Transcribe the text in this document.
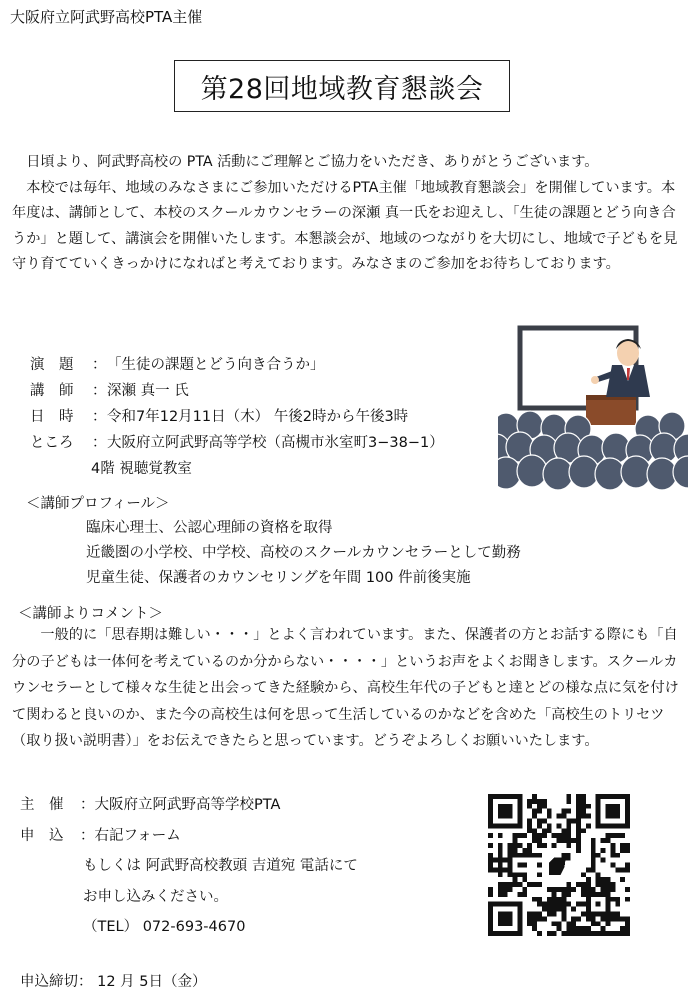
大阪府立阿武野高校PTA主催
第28回地域教育懇談会

日頃より、阿武野高校の PTA 活動にご理解とご協力をいただき、ありがとうございます。

本校では毎年、地域のみなさまにご参加いただけるPTA主催「地域教育懇談会」を開催しています。本年度は、講師として、本校のスクールカウンセラーの深瀬 真一氏をお迎えし、「生徒の課題とどう向き合うか」と題して、講演会を開催いたします。本懇談会が、地域のつながりを大切にし、地域で子どもを見守り育てていくきっかけになればと考えております。みなさまのご参加をお待ちしております。

演　題	： 「生徒の課題とどう向き合うか」
講　師	： 深瀬 真一 氏
日　時	： 令和7年12月11日（木） 午後2時から午後3時
ところ	： 大阪府立阿武野高等学校（高槻市氷室町3−38−1）
4階 視聴覚教室
＜講師プロフィール＞
臨床心理士、公認心理師の資格を取得
近畿圏の小学校、中学校、高校のスクールカウンセラーとして勤務
児童生徒、保護者のカウンセリングを年間 100 件前後実施
＜講師よりコメント＞

一般的に「思春期は難しい・・・」とよく言われています。また、保護者の方とお話する際にも「自分の子どもは一体何を考えているのか分からない・・・・」というお声をよくお聞きします。スクールカウンセラーとして様々な生徒と出会ってきた経験から、高校生年代の子どもと達とどの様な点に気を付けて関わると良いのか、また今の高校生は何を思って生活しているのかなどを含めた「高校生のトリセツ（取り扱い説明書）」をお伝えできたらと思っています。どうぞよろしくお願いいたします。

主　催	： 大阪府立阿武野高等学校PTA
申　込	： 右記フォーム
もしくは 阿武野高校教頭 吉道宛 電話にて
お申し込みください。
（TEL） 072-693-4670
申込締切： 12 月 5日（金）
